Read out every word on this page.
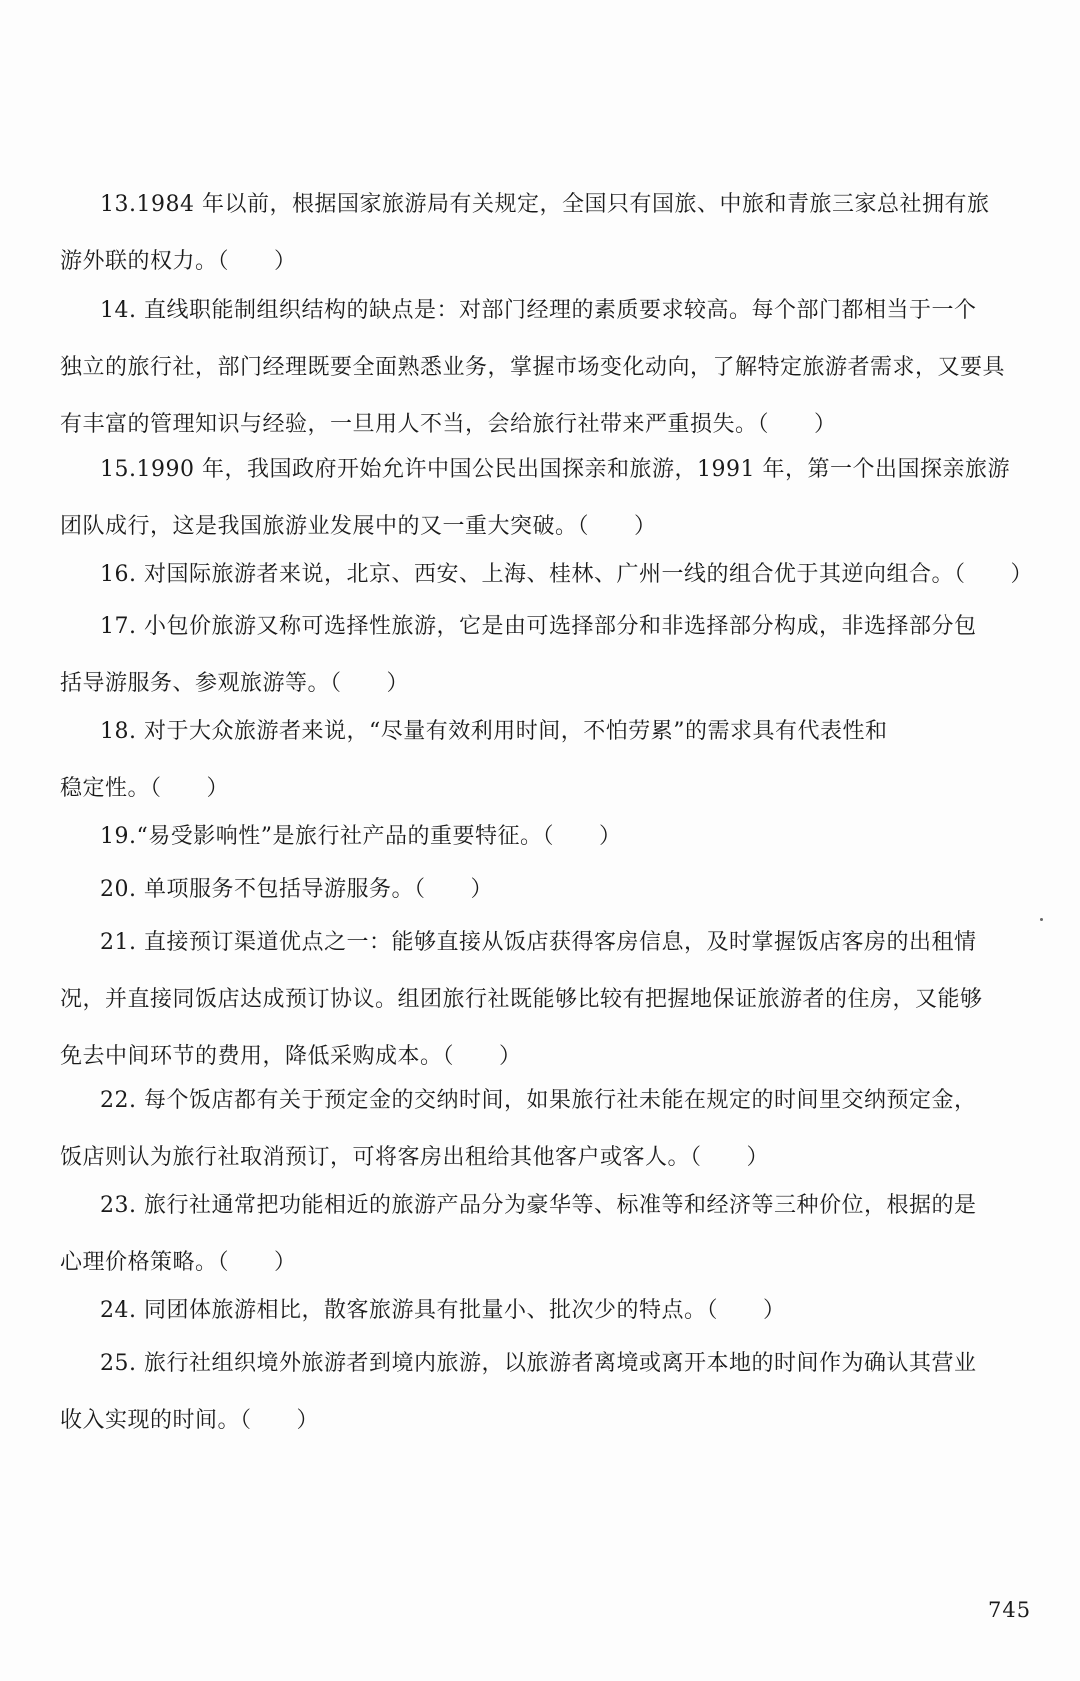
13.1984 年以前，根据国家旅游局有关规定，全国只有国旅、中旅和青旅三家总社拥有旅
游外联的权力。（　　）
14. 直线职能制组织结构的缺点是：对部门经理的素质要求较高。每个部门都相当于一个
独立的旅行社，部门经理既要全面熟悉业务，掌握市场变化动向，了解特定旅游者需求，又要具
有丰富的管理知识与经验，一旦用人不当，会给旅行社带来严重损失。（　　）
15.1990 年，我国政府开始允许中国公民出国探亲和旅游，1991 年，第一个出国探亲旅游
团队成行，这是我国旅游业发展中的又一重大突破。（　　）
16. 对国际旅游者来说，北京、西安、上海、桂林、广州一线的组合优于其逆向组合。（　　）
17. 小包价旅游又称可选择性旅游，它是由可选择部分和非选择部分构成，非选择部分包
括导游服务、参观旅游等。（　　）
18. 对于大众旅游者来说，“尽量有效利用时间，不怕劳累”的需求具有代表性和
稳定性。（　　）
19.“易受影响性”是旅行社产品的重要特征。（　　）
20. 单项服务不包括导游服务。（　　）
21. 直接预订渠道优点之一：能够直接从饭店获得客房信息，及时掌握饭店客房的出租情
况，并直接同饭店达成预订协议。组团旅行社既能够比较有把握地保证旅游者的住房，又能够
免去中间环节的费用，降低采购成本。（　　）
22. 每个饭店都有关于预定金的交纳时间，如果旅行社未能在规定的时间里交纳预定金，
饭店则认为旅行社取消预订，可将客房出租给其他客户或客人。（　　）
23. 旅行社通常把功能相近的旅游产品分为豪华等、标准等和经济等三种价位，根据的是
心理价格策略。（　　）
24. 同团体旅游相比，散客旅游具有批量小、批次少的特点。（　　）
25. 旅行社组织境外旅游者到境内旅游，以旅游者离境或离开本地的时间作为确认其营业
收入实现的时间。（　　）
745
